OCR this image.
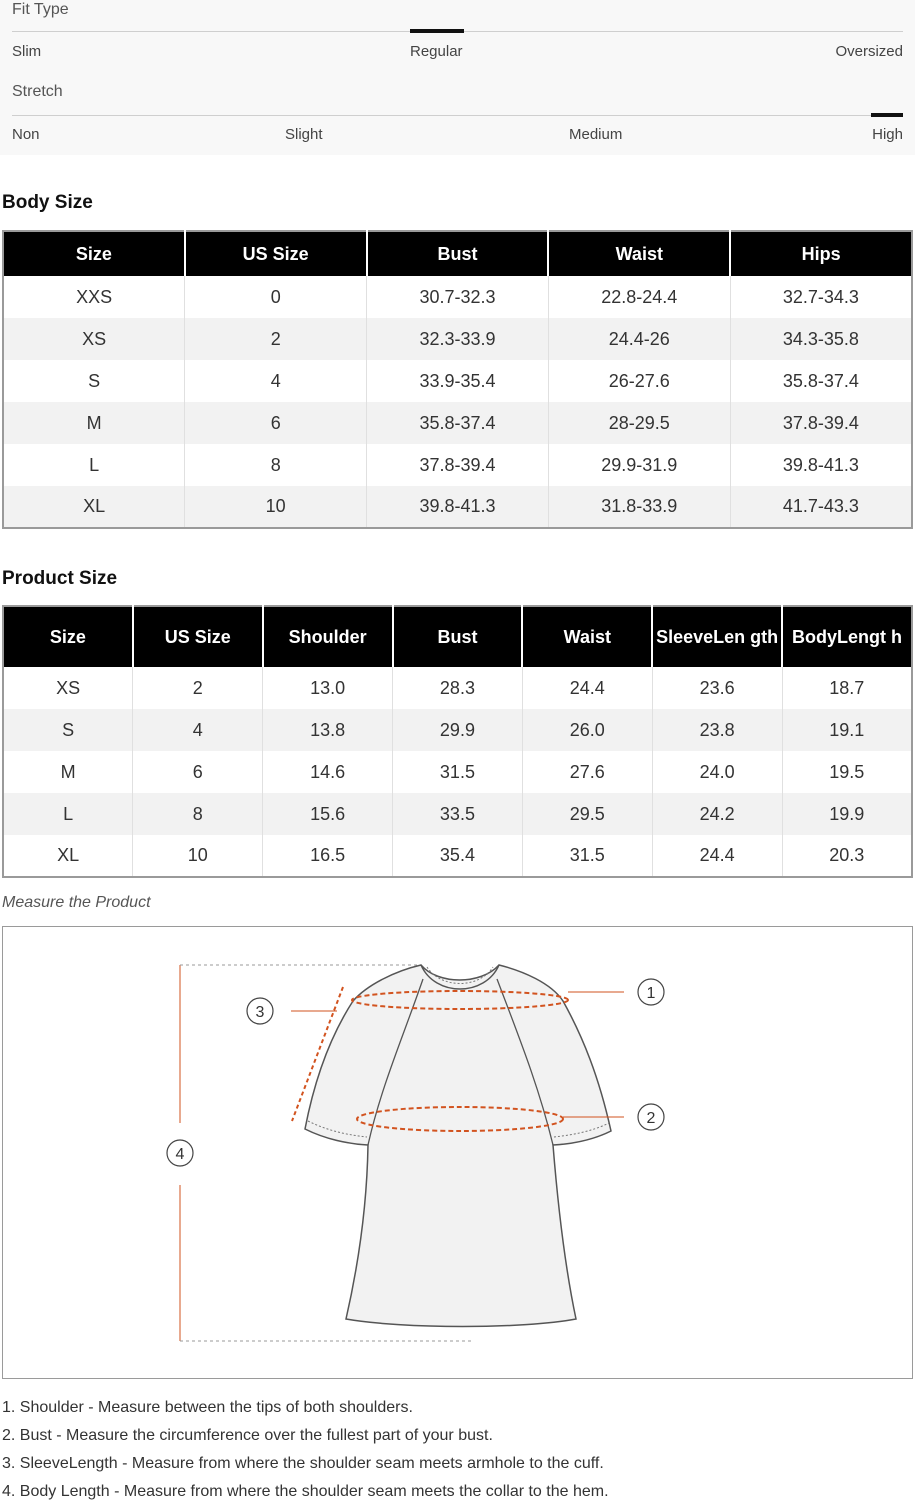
Fit Type
Slim	Regular	Oversized
Stretch
Non	Slight	Medium	High
Body Size
Size	US Size	Bust	Waist	Hips
XXS	0	30.7-32.3	22.8-24.4	32.7-34.3
XS	2	32.3-33.9	24.4-26	34.3-35.8
S	4	33.9-35.4	26-27.6	35.8-37.4
M	6	35.8-37.4	28-29.5	37.8-39.4
L	8	37.8-39.4	29.9-31.9	39.8-41.3
XL	10	39.8-41.3	31.8-33.9	41.7-43.3
Product Size
Size	US Size	Shoulder	Bust	Waist	SleeveLen gth	BodyLengt h
XS	2	13.0	28.3	24.4	23.6	18.7
S	4	13.8	29.9	26.0	23.8	19.1
M	6	14.6	31.5	27.6	24.0	19.5
L	8	15.6	33.5	29.5	24.2	19.9
XL	10	16.5	35.4	31.5	24.4	20.3
Measure the Product
1
2
3
4
1. Shoulder - Measure between the tips of both shoulders.
2. Bust - Measure the circumference over the fullest part of your bust.
3. SleeveLength - Measure from where the shoulder seam meets armhole to the cuff.
4. Body Length - Measure from where the shoulder seam meets the collar to the hem.
